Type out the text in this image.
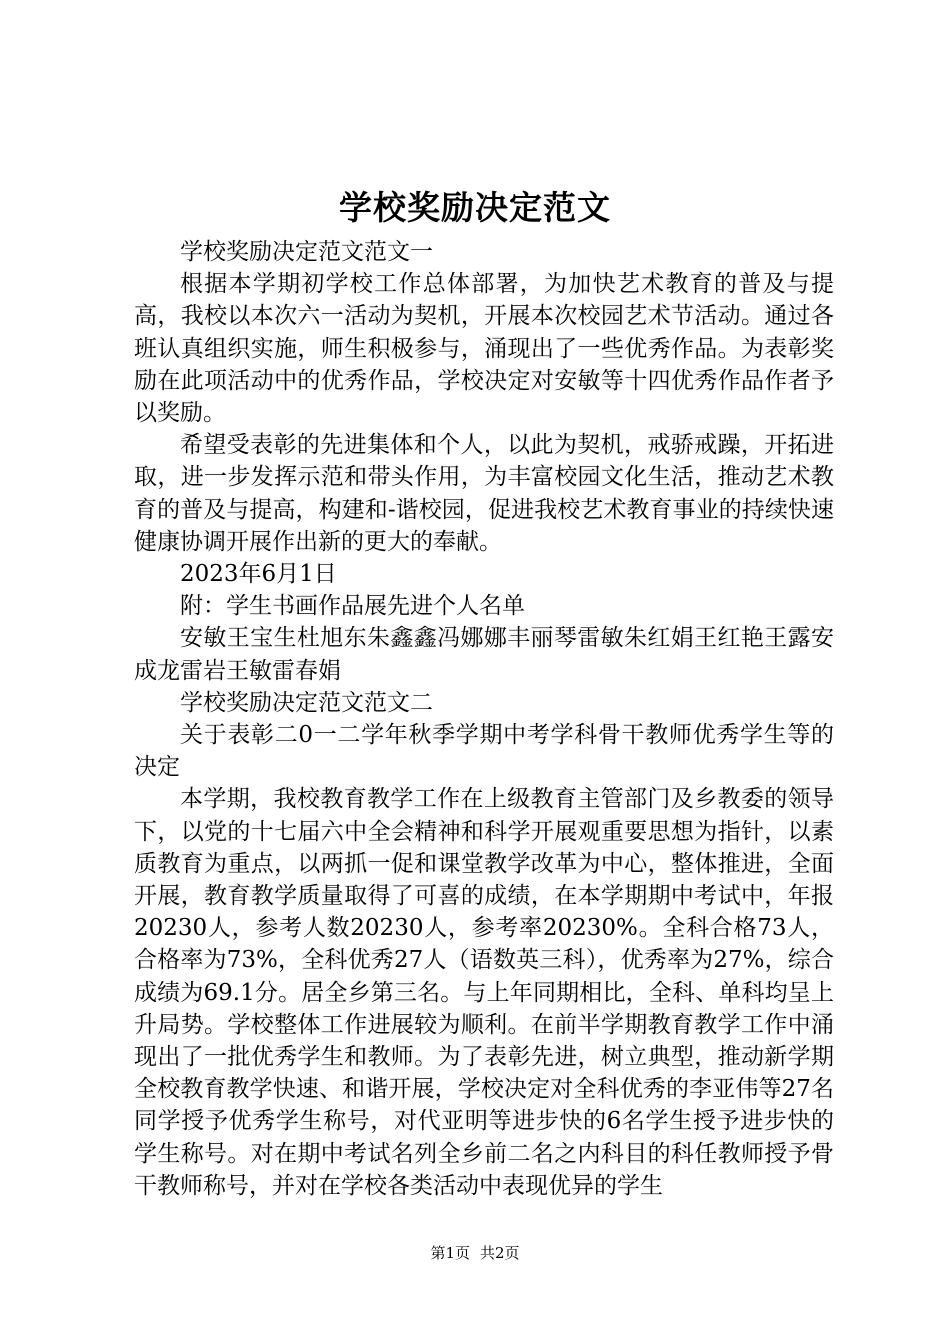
学校奖励决定范文

学校奖励决定范文范文一

根据本学期初学校工作总体部署，为加快艺术教育的普及与提高，我校以本次六一活动为契机，开展本次校园艺术节活动。通过各班认真组织实施，师生积极参与，涌现出了一些优秀作品。为表彰奖励在此项活动中的优秀作品，学校决定对安敏等十四优秀作品作者予以奖励。

希望受表彰的先进集体和个人，以此为契机，戒骄戒躁，开拓进取，进一步发挥示范和带头作用，为丰富校园文化生活，推动艺术教育的普及与提高，构建和-谐校园，促进我校艺术教育事业的持续快速健康协调开展作出新的更大的奉献。

2023年6月1日

附：学生书画作品展先进个人名单

安敏王宝生杜旭东朱鑫鑫冯娜娜丰丽琴雷敏朱红娟王红艳王露安成龙雷岩王敏雷春娟

学校奖励决定范文范文二

关于表彰二0一二学年秋季学期中考学科骨干教师优秀学生等的决定

本学期，我校教育教学工作在上级教育主管部门及乡教委的领导下，以党的十七届六中全会精神和科学开展观重要思想为指针，以素质教育为重点，以两抓一促和课堂教学改革为中心，整体推进，全面开展，教育教学质量取得了可喜的成绩，在本学期期中考试中，年报20230人，参考人数20230人，参考率20230%。全科合格73人，合格率为73%，全科优秀27人（语数英三科），优秀率为27%，综合成绩为69.1分。居全乡第三名。与上年同期相比，全科、单科均呈上升局势。学校整体工作进展较为顺利。在前半学期教育教学工作中涌现出了一批优秀学生和教师。为了表彰先进，树立典型，推动新学期全校教育教学快速、和谐开展，学校决定对全科优秀的李亚伟等27名同学授予优秀学生称号，对代亚明等进步快的6名学生授予进步快的学生称号。对在期中考试名列全乡前二名之内科目的科任教师授予骨干教师称号，并对在学校各类活动中表现优异的学生

第1页 共2页
